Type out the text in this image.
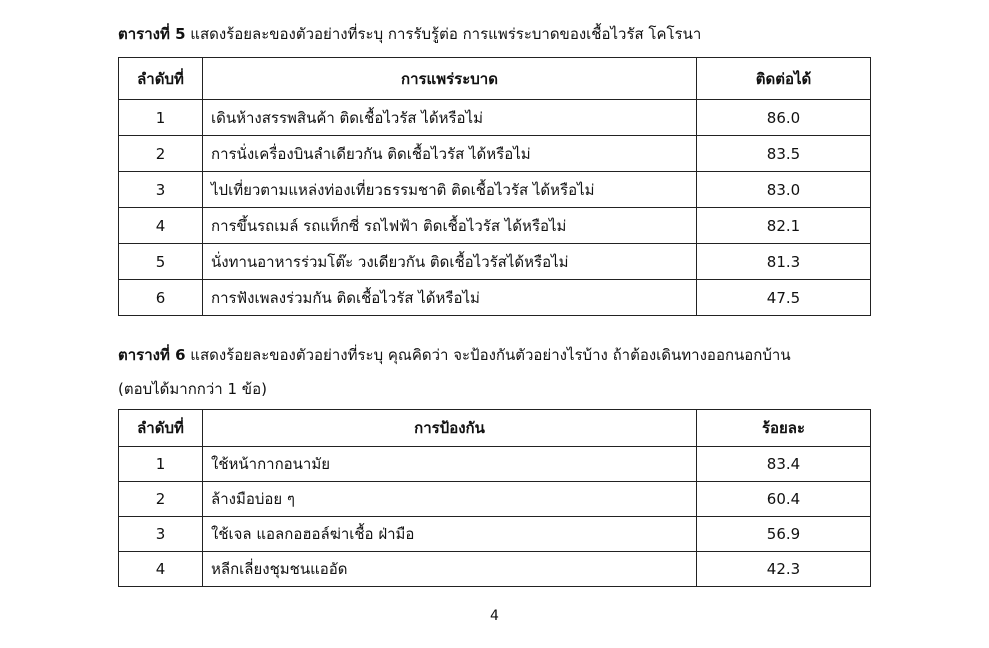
ตารางที่ 5 แสดงร้อยละของตัวอย่างที่ระบุ การรับรู้ต่อ การแพร่ระบาดของเชื้อไวรัส โคโรนา
ลำดับที่	การแพร่ระบาด	ติดต่อได้
1	เดินห้างสรรพสินค้า ติดเชื้อไวรัส ได้หรือไม่	86.0
2	การนั่งเครื่องบินลำเดียวกัน ติดเชื้อไวรัส ได้หรือไม่	83.5
3	ไปเที่ยวตามแหล่งท่องเที่ยวธรรมชาติ ติดเชื้อไวรัส ได้หรือไม่	83.0
4	การขึ้นรถเมล์ รถแท็กซี่ รถไฟฟ้า ติดเชื้อไวรัส ได้หรือไม่	82.1
5	นั่งทานอาหารร่วมโต๊ะ วงเดียวกัน ติดเชื้อไวรัสได้หรือไม่	81.3
6	การฟังเพลงร่วมกัน ติดเชื้อไวรัส ได้หรือไม่	47.5
ตารางที่ 6 แสดงร้อยละของตัวอย่างที่ระบุ คุณคิดว่า จะป้องกันตัวอย่างไรบ้าง ถ้าต้องเดินทางออกนอกบ้าน
(ตอบได้มากกว่า 1 ข้อ)
ลำดับที่	การป้องกัน	ร้อยละ
1	ใช้หน้ากากอนามัย	83.4
2	ล้างมือบ่อย ๆ	60.4
3	ใช้เจล แอลกอฮอล์ฆ่าเชื้อ ฝ่ามือ	56.9
4	หลีกเลี่ยงชุมชนแออัด	42.3
4
